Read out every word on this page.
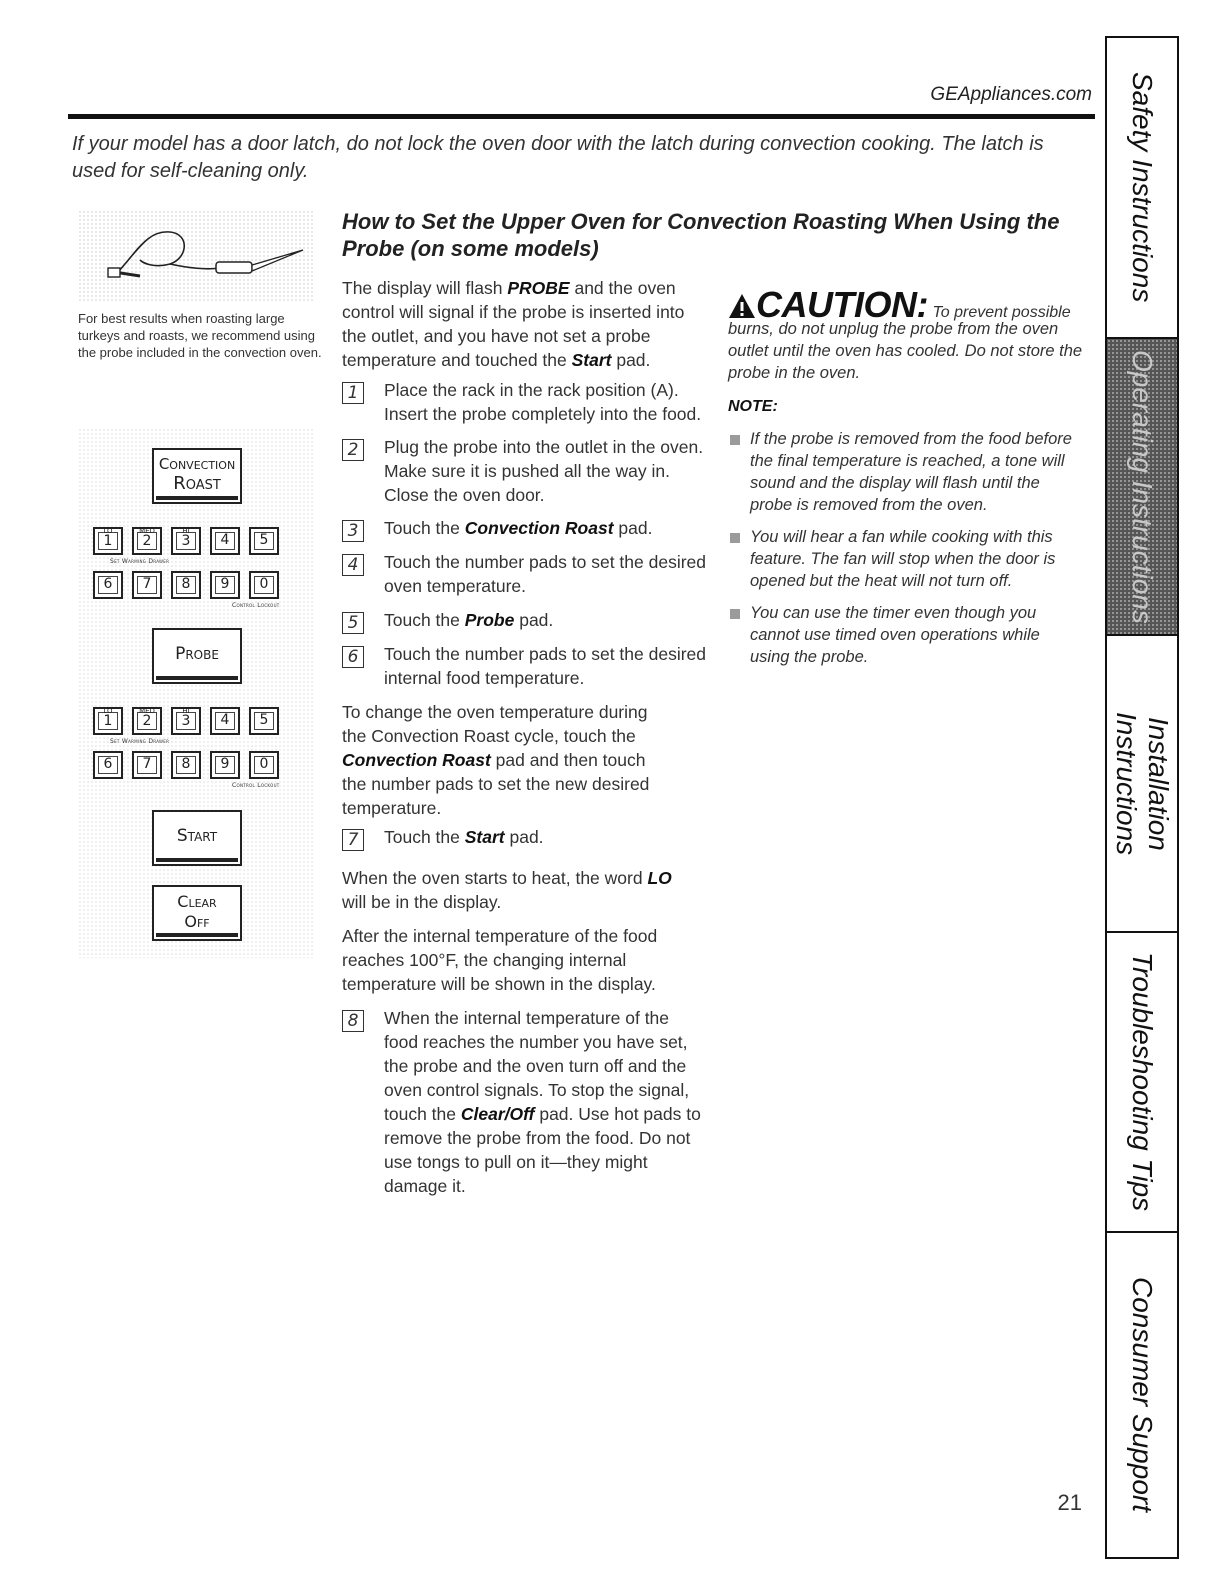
GEAppliances.com
If your model has a door latch, do not lock the oven door with the latch during convection cooking. The latch is used for self-cleaning only.
For best results when roasting large turkeys and roasts, we recommend using the probe included in the convection oven.
Convection
Roast
LO
1
MED
2
HI
3 4 5
Set Warming Drawer
6 7 8 9 0
Control Lockout
Probe
LO
1
MED
2
HI
3 4 5
Set Warming Drawer
6 7 8 9 0
Control Lockout
Start
Clear
Off
How to Set the Upper Oven for Convection Roasting When Using the Probe (on some models)
The display will flash PROBE and the oven control will signal if the probe is inserted into the outlet, and you have not set a probe temperature and touched the Start pad.
1	Place the rack in the rack position (A). Insert the probe completely into the food.
2	Plug the probe into the outlet in the oven. Make sure it is pushed all the way in. Close the oven door.
3	Touch the Convection Roast pad.
4	Touch the number pads to set the desired oven temperature.
5	Touch the Probe pad.
6	Touch the number pads to set the desired internal food temperature.
To change the oven temperature during the Convection Roast cycle, touch the Convection Roast pad and then touch the number pads to set the new desired temperature.
7	Touch the Start pad.
When the oven starts to heat, the word LO will be in the display.
After the internal temperature of the food reaches 100°F, the changing internal temperature will be shown in the display.
8	When the internal temperature of the food reaches the number you have set, the probe and the oven turn off and the oven control signals. To stop the signal, touch the Clear/Off pad. Use hot pads to remove the probe from the food. Do not use tongs to pull on it—they might damage it.
CAUTION: To prevent possible
burns, do not unplug the probe from the oven outlet until the oven has cooled. Do not store the probe in the oven.
NOTE:
If the probe is removed from the food before the final temperature is reached, a tone will sound and the display will flash until the probe is removed from the oven.
You will hear a fan while cooking with this feature. The fan will stop when the door is opened but the heat will not turn off.
You can use the timer even though you cannot use timed oven operations while using the probe.
21
Safety Instructions
Operating Instructions
Installation
Instructions
Troubleshooting Tips
Consumer Support
